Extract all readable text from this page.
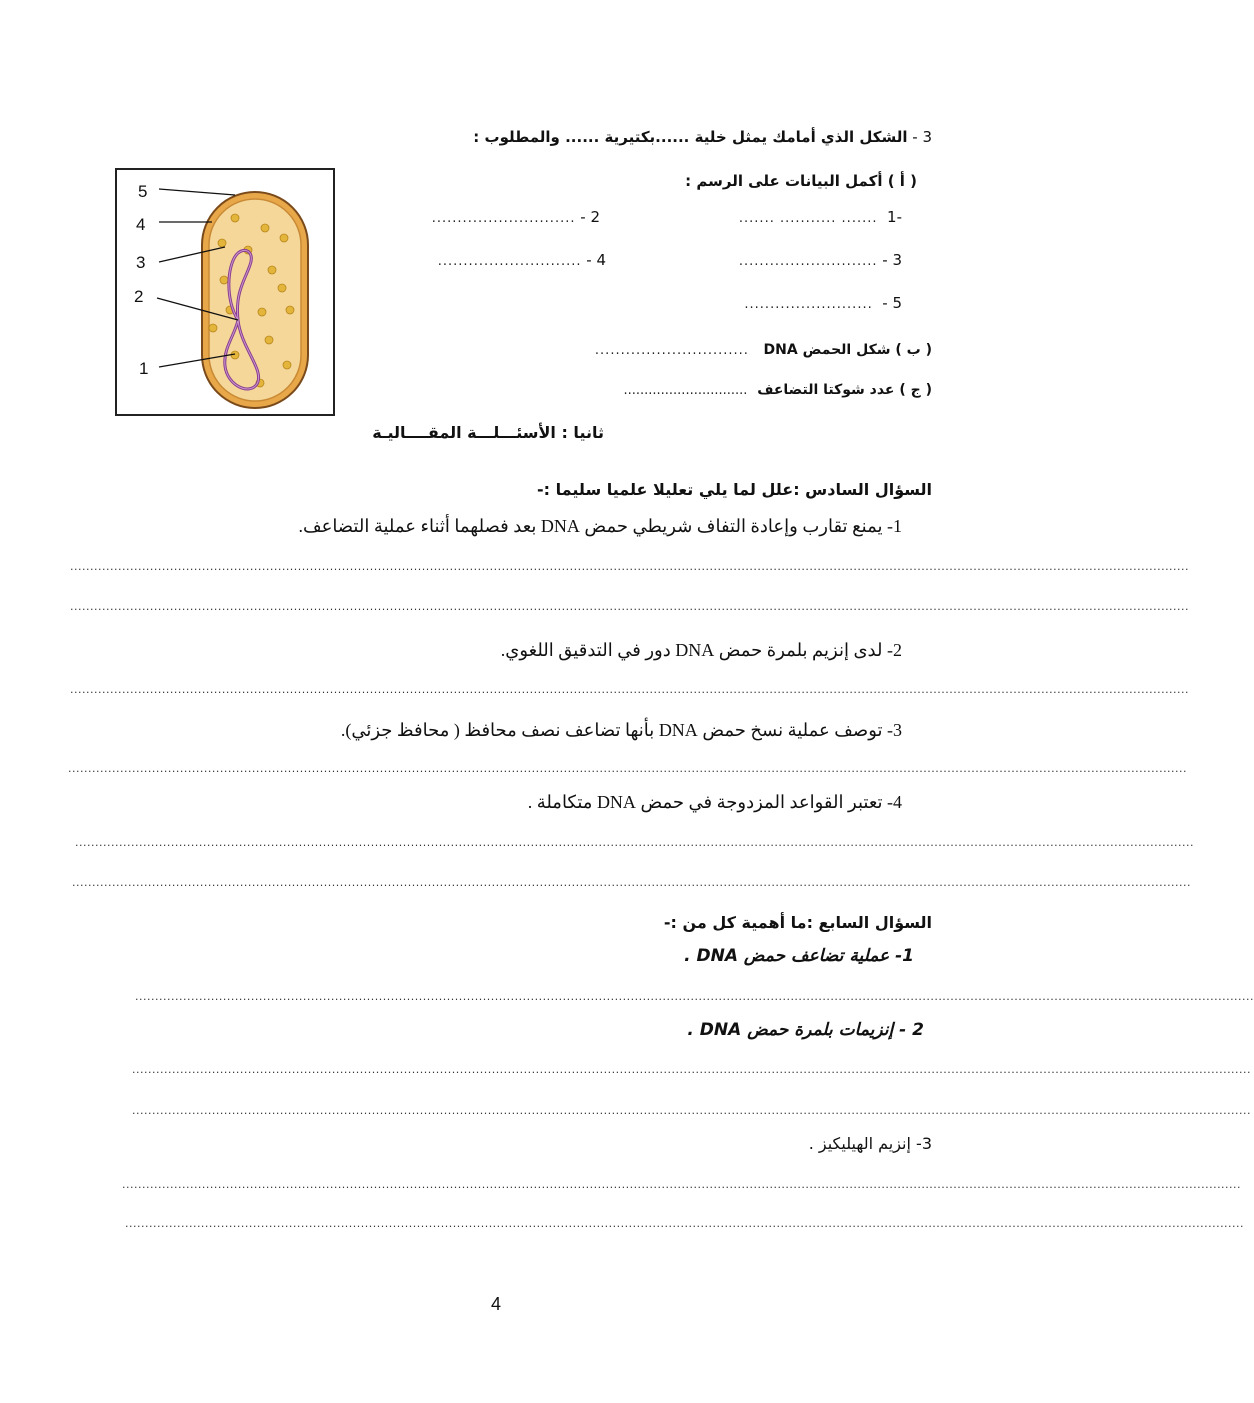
3 - الشكل الذي أمامك يمثل خلية ......بكتيرية ...... والمطلوب :
( أ ) أكمل البيانات على الرسم :
-1  ....... ........... .......
2 - ............................
3 - ...........................
4 - ............................
5 -  .........................
( ب ) شكل الحمض DNA   ..............................
( ج ) عدد شوكتا التضاعف  ..............................
5
4
3
2
1
ثانيا : الأسئـــلـــة المقــــاليـة
السؤال السادس :علل لما يلي تعليلا علميا سليما :-
1- يمنع تقارب وإعادة التفاف شريطي حمض DNA بعد فصلهما أثناء عملية التضاعف.
........................................................................................................................................................................................................................................................................................
........................................................................................................................................................................................................................................................................................
2- لدى إنزيم بلمرة حمض DNA دور في التدقيق اللغوي.
........................................................................................................................................................................................................................................................................................
3- توصف عملية نسخ حمض DNA بأنها تضاعف نصف محافظ ( محافظ جزئي).
........................................................................................................................................................................................................................................................................................
4- تعتبر القواعد المزدوجة في حمض DNA متكاملة .
........................................................................................................................................................................................................................................................................................
........................................................................................................................................................................................................................................................................................
السؤال السابع :ما أهمية كل من :-
1- عملية تضاعف حمض DNA .
........................................................................................................................................................................................................................................................................................
2 - إنزيمات بلمرة حمض DNA .
........................................................................................................................................................................................................................................................................................
........................................................................................................................................................................................................................................................................................
3- إنزيم الهيليكيز .
........................................................................................................................................................................................................................................................................................
........................................................................................................................................................................................................................................................................................
4
